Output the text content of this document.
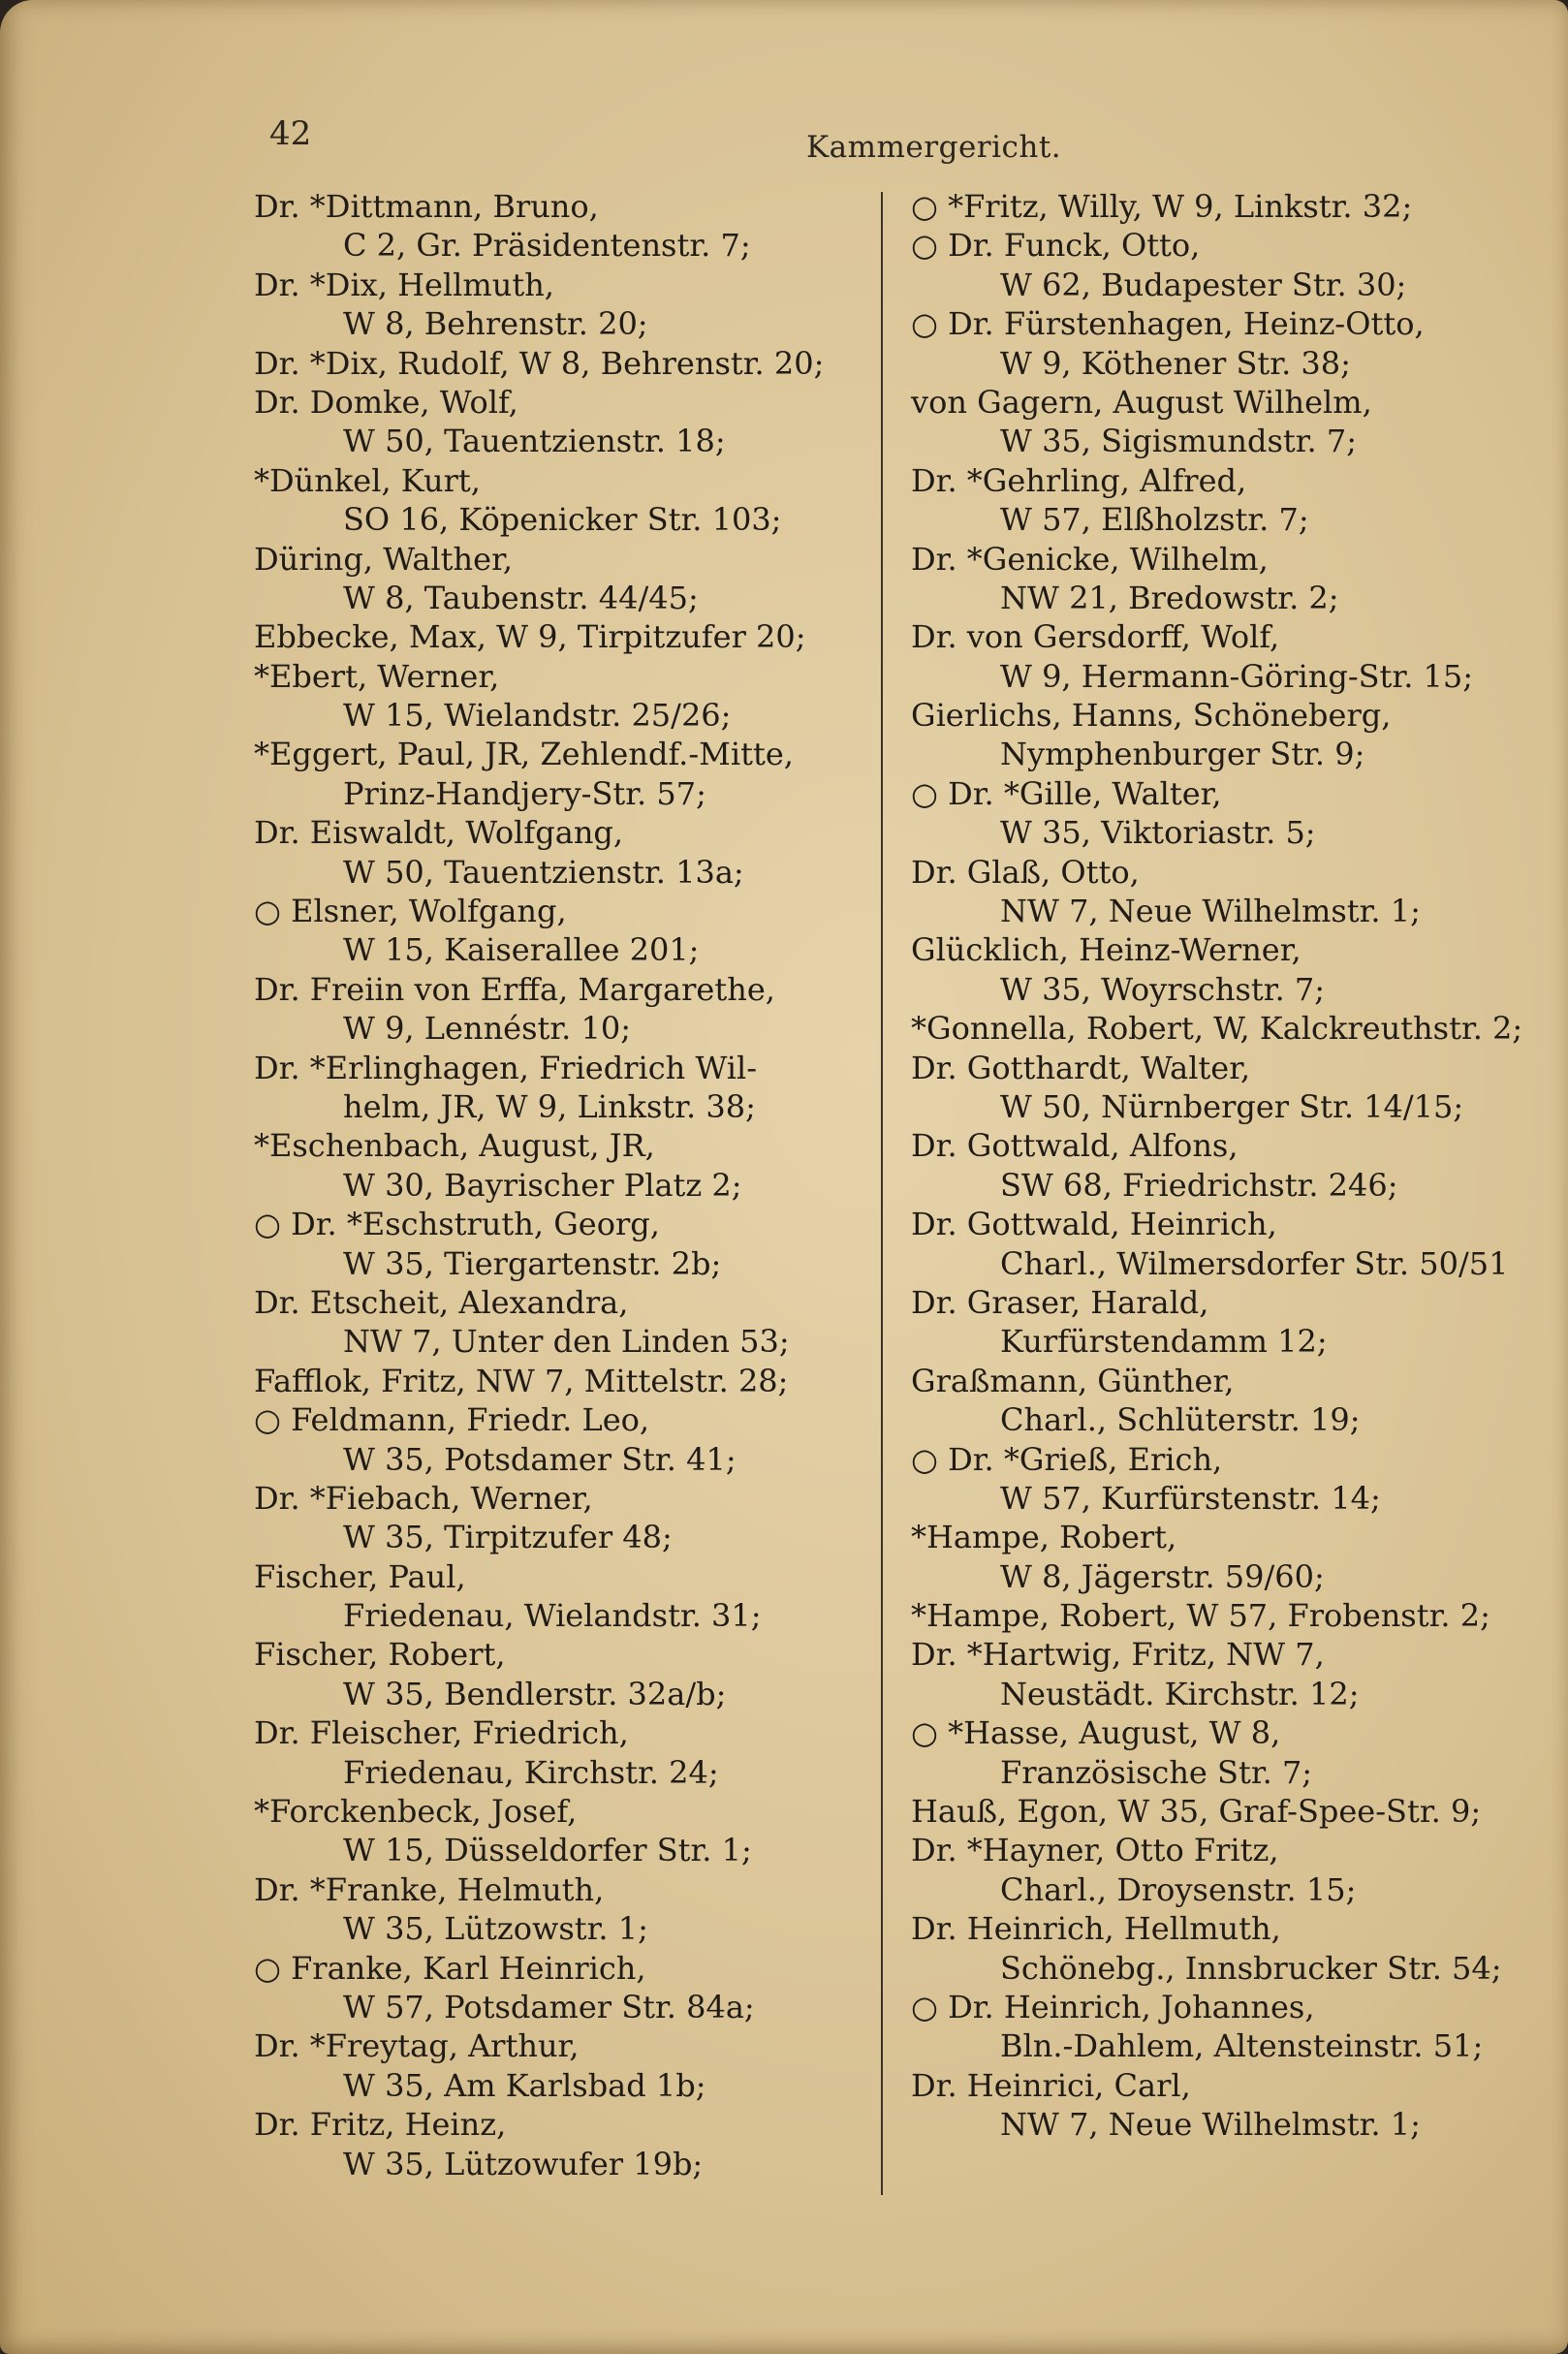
42	Kammergericht.
Dr. *Dittmann, Bruno,
C 2, Gr. Präsidentenstr. 7;
Dr. *Dix, Hellmuth,
W 8, Behrenstr. 20;
Dr. *Dix, Rudolf, W 8, Behrenstr. 20;
Dr. Domke, Wolf,
W 50, Tauentzienstr. 18;
*Dünkel, Kurt,
SO 16, Köpenicker Str. 103;
Düring, Walther,
W 8, Taubenstr. 44/45;
Ebbecke, Max, W 9, Tirpitzufer 20;
*Ebert, Werner,
W 15, Wielandstr. 25/26;
*Eggert, Paul, JR, Zehlendf.-Mitte,
Prinz-Handjery-Str. 57;
Dr. Eiswaldt, Wolfgang,
W 50, Tauentzienstr. 13a;
○ Elsner, Wolfgang,
W 15, Kaiserallee 201;
Dr. Freiin von Erffa, Margarethe,
W 9, Lennéstr. 10;
Dr. *Erlinghagen, Friedrich Wil-
helm, JR, W 9, Linkstr. 38;
*Eschenbach, August, JR,
W 30, Bayrischer Platz 2;
○ Dr. *Eschstruth, Georg,
W 35, Tiergartenstr. 2b;
Dr. Etscheit, Alexandra,
NW 7, Unter den Linden 53;
Fafflok, Fritz, NW 7, Mittelstr. 28;
○ Feldmann, Friedr. Leo,
W 35, Potsdamer Str. 41;
Dr. *Fiebach, Werner,
W 35, Tirpitzufer 48;
Fischer, Paul,
Friedenau, Wielandstr. 31;
Fischer, Robert,
W 35, Bendlerstr. 32a/b;
Dr. Fleischer, Friedrich,
Friedenau, Kirchstr. 24;
*Forckenbeck, Josef,
W 15, Düsseldorfer Str. 1;
Dr. *Franke, Helmuth,
W 35, Lützowstr. 1;
○ Franke, Karl Heinrich,
W 57, Potsdamer Str. 84a;
Dr. *Freytag, Arthur,
W 35, Am Karlsbad 1b;
Dr. Fritz, Heinz,
W 35, Lützowufer 19b;
○ *Fritz, Willy, W 9, Linkstr. 32;
○ Dr. Funck, Otto,
W 62, Budapester Str. 30;
○ Dr. Fürstenhagen, Heinz-Otto,
W 9, Köthener Str. 38;
von Gagern, August Wilhelm,
W 35, Sigismundstr. 7;
Dr. *Gehrling, Alfred,
W 57, Elßholzstr. 7;
Dr. *Genicke, Wilhelm,
NW 21, Bredowstr. 2;
Dr. von Gersdorff, Wolf,
W 9, Hermann-Göring-Str. 15;
Gierlichs, Hanns, Schöneberg,
Nymphenburger Str. 9;
○ Dr. *Gille, Walter,
W 35, Viktoriastr. 5;
Dr. Glaß, Otto,
NW 7, Neue Wilhelmstr. 1;
Glücklich, Heinz-Werner,
W 35, Woyrschstr. 7;
*Gonnella, Robert, W, Kalckreuthstr. 2;
Dr. Gotthardt, Walter,
W 50, Nürnberger Str. 14/15;
Dr. Gottwald, Alfons,
SW 68, Friedrichstr. 246;
Dr. Gottwald, Heinrich,
Charl., Wilmersdorfer Str. 50/51
Dr. Graser, Harald,
Kurfürstendamm 12;
Graßmann, Günther,
Charl., Schlüterstr. 19;
○ Dr. *Grieß, Erich,
W 57, Kurfürstenstr. 14;
*Hampe, Robert,
W 8, Jägerstr. 59/60;
*Hampe, Robert, W 57, Frobenstr. 2;
Dr. *Hartwig, Fritz, NW 7,
Neustädt. Kirchstr. 12;
○ *Hasse, August, W 8,
Französische Str. 7;
Hauß, Egon, W 35, Graf-Spee-Str. 9;
Dr. *Hayner, Otto Fritz,
Charl., Droysenstr. 15;
Dr. Heinrich, Hellmuth,
Schönebg., Innsbrucker Str. 54;
○ Dr. Heinrich, Johannes,
Bln.-Dahlem, Altensteinstr. 51;
Dr. Heinrici, Carl,
NW 7, Neue Wilhelmstr. 1;
